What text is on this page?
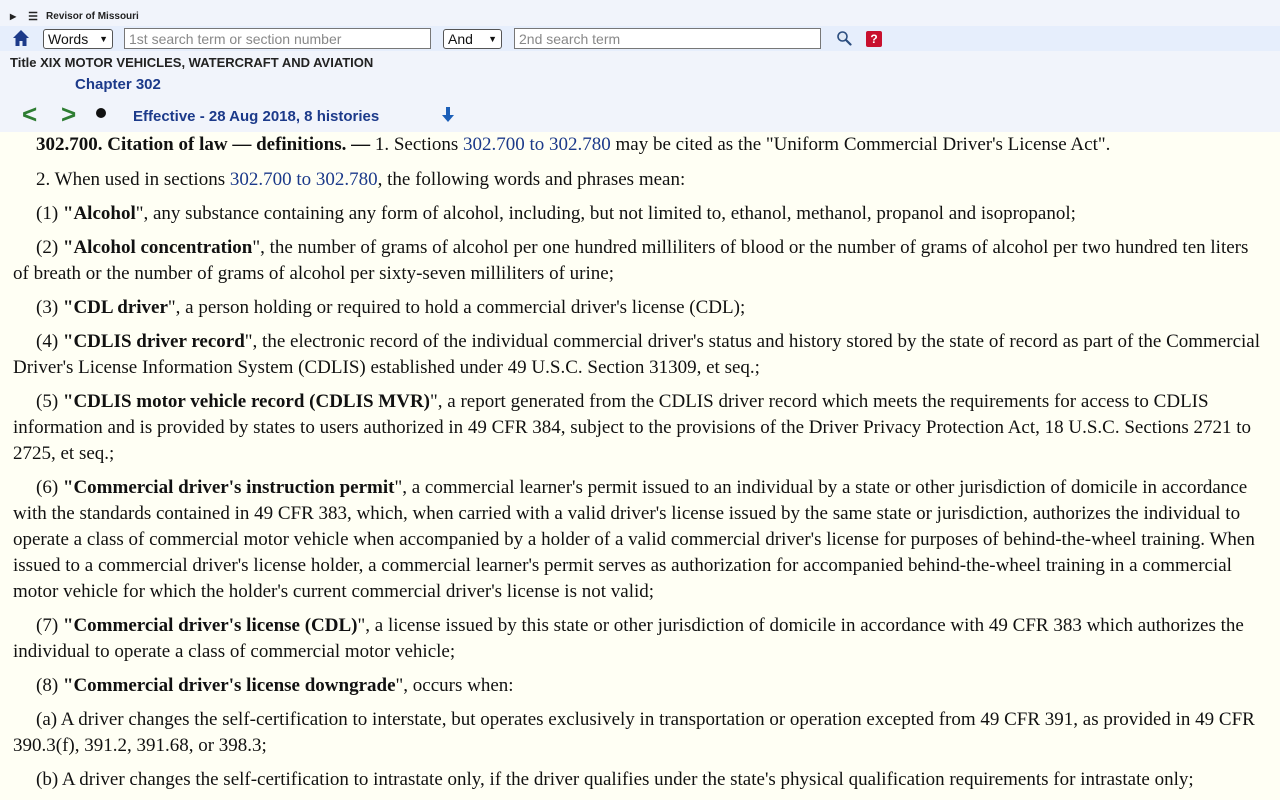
▶ ☰ Revisor of Missouri
Words ▼
1st search term or section number	And ▼
2nd search term	?
Title XIX MOTOR VEHICLES, WATERCRAFT AND AVIATION
Chapter 302
< >	Effective - 28 Aug 2018, 8 histories
302.700. Citation of law — definitions. — 1. Sections 302.700 to 302.780 may be cited as the "Uniform Commercial Driver's License Act".
2. When used in sections 302.700 to 302.780, the following words and phrases mean:
(1) "Alcohol", any substance containing any form of alcohol, including, but not limited to, ethanol, methanol, propanol and isopropanol;
(2) "Alcohol concentration", the number of grams of alcohol per one hundred milliliters of blood or the number of grams of alcohol per two hundred ten liters of breath or the number of grams of alcohol per sixty-seven milliliters of urine;
(3) "CDL driver", a person holding or required to hold a commercial driver's license (CDL);
(4) "CDLIS driver record", the electronic record of the individual commercial driver's status and history stored by the state of record as part of the Commercial Driver's License Information System (CDLIS) established under 49 U.S.C. Section 31309, et seq.;
(5) "CDLIS motor vehicle record (CDLIS MVR)", a report generated from the CDLIS driver record which meets the requirements for access to CDLIS information and is provided by states to users authorized in 49 CFR 384, subject to the provisions of the Driver Privacy Protection Act, 18 U.S.C. Sections 2721 to 2725, et seq.;
(6) "Commercial driver's instruction permit", a commercial learner's permit issued to an individual by a state or other jurisdiction of domicile in accordance with the standards contained in 49 CFR 383, which, when carried with a valid driver's license issued by the same state or jurisdiction, authorizes the individual to operate a class of commercial motor vehicle when accompanied by a holder of a valid commercial driver's license for purposes of behind-the-wheel training. When issued to a commercial driver's license holder, a commercial learner's permit serves as authorization for accompanied behind-the-wheel training in a commercial motor vehicle for which the holder's current commercial driver's license is not valid;
(7) "Commercial driver's license (CDL)", a license issued by this state or other jurisdiction of domicile in accordance with 49 CFR 383 which authorizes the individual to operate a class of commercial motor vehicle;
(8) "Commercial driver's license downgrade", occurs when:
(a) A driver changes the self-certification to interstate, but operates exclusively in transportation or operation excepted from 49 CFR 391, as provided in 49 CFR 390.3(f), 391.2, 391.68, or 398.3;
(b) A driver changes the self-certification to intrastate only, if the driver qualifies under the state's physical qualification requirements for intrastate only;
